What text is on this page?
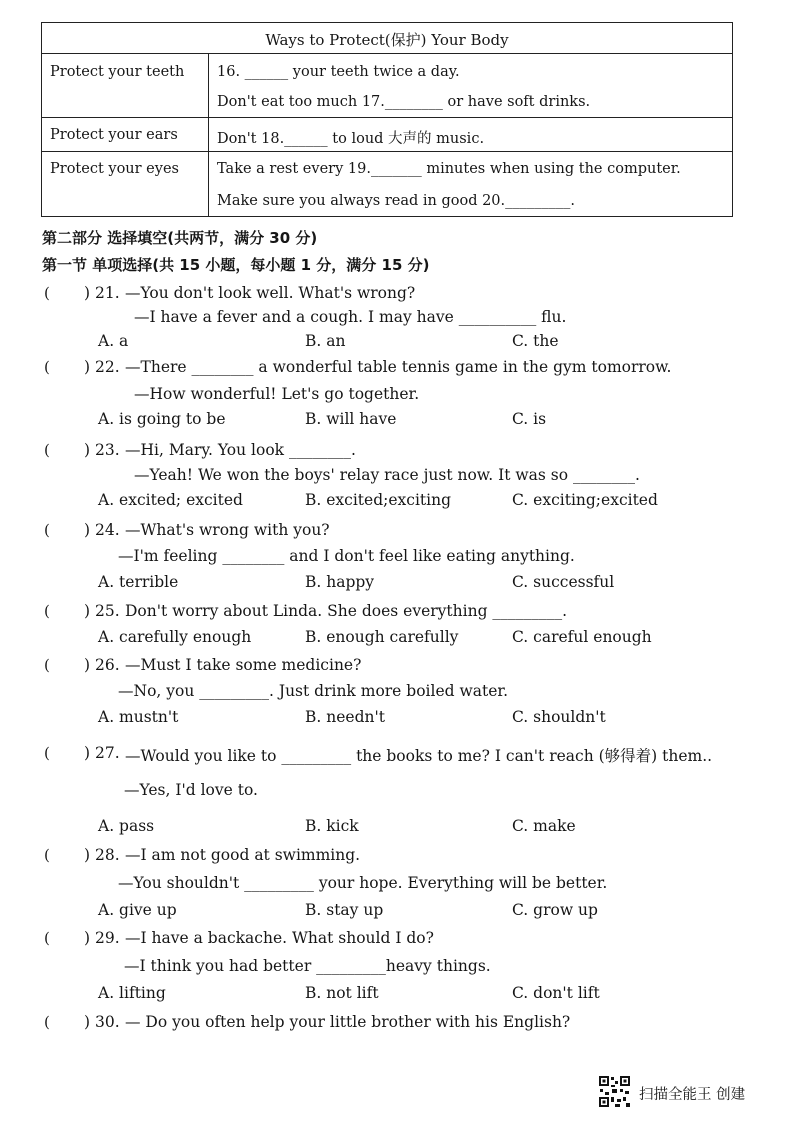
Ways to Protect(保护) Your Body
Protect your teeth 16. ______ your teeth twice a day.
Don't eat too much 17.________ or have soft drinks.
Protect your ears	Don't 18.______ to loud 大声的 music.
Protect your eyes	Take a rest every 19._______ minutes when using the computer.
Make sure you always read in good 20._________.
第二部分 选择填空(共两节，满分 30 分)
第一节 单项选择(共 15 小题，每小题 1 分，满分 15 分)
( ) 21. —You don't look well. What's wrong?
—I have a fever and a cough. I may have __________ flu.
A. a	B. an	C. the
( ) 22. —There ________ a wonderful table tennis game in the gym tomorrow.
—How wonderful! Let's go together.
A. is going to be	B. will have	C. is
( ) 23. —Hi, Mary. You look ________.
—Yeah! We won the boys' relay race just now. It was so ________.
A. excited; excited	B. excited;exciting	C. exciting;excited
( ) 24. —What's wrong with you?
—I'm feeling ________ and I don't feel like eating anything.
A. terrible	B. happy	C. successful
( ) 25. Don't worry about Linda. She does everything _________.
A. carefully enough	B. enough carefully	C. careful enough
( ) 26. —Must I take some medicine?
—No, you _________. Just drink more boiled water.
A. mustn't	B. needn't	C. shouldn't
( ) 27. —Would you like to _________ the books to me? I can't reach (够得着) them..
—Yes, I'd love to.
A. pass	B. kick	C. make
( ) 28. —I am not good at swimming.
—You shouldn't _________ your hope. Everything will be better.
A. give up	B. stay up	C. grow up
( ) 29. —I have a backache. What should I do?
—I think you had better _________heavy things.
A. lifting	B. not lift	C. don't lift
( ) 30. — Do you often help your little brother with his English?
扫描全能王 创建
